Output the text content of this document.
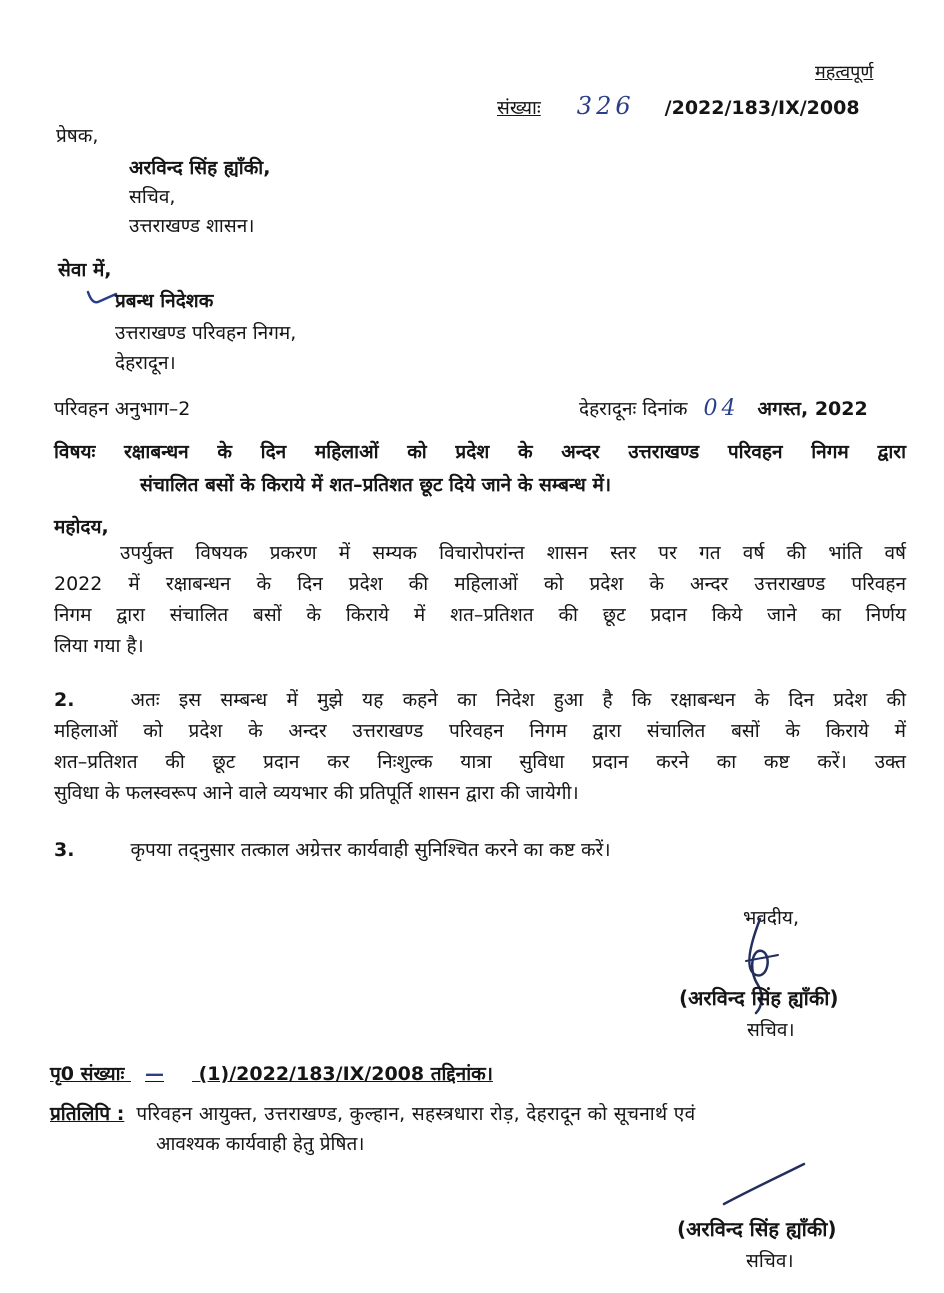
महत्वपूर्ण
संख्याः 326 /2022/183/IX/2008
प्रेषक,
अरविन्द सिंह ह्याँकी,
सचिव,
उत्तराखण्ड शासन।
सेवा में,
प्रबन्ध निदेशक
उत्तराखण्ड परिवहन निगम,
देहरादून।
परिवहन अनुभाग–2	देहरादूनः दिनांक 04 अगस्त, 2022
विषयः रक्षाबन्धन के दिन महिलाओं को प्रदेश के अन्दर उत्तराखण्ड परिवहन निगम द्वारा
संचालित बसों के किराये में शत–प्रतिशत छूट दिये जाने के सम्बन्ध में।
महोदय,
उपर्युक्त विषयक प्रकरण में सम्यक विचारोपरांन्त शासन स्तर पर गत वर्ष की भांति वर्ष
2022 में रक्षाबन्धन के दिन प्रदेश की महिलाओं को प्रदेश के अन्दर उत्तराखण्ड परिवहन
निगम द्वारा संचालित बसों के किराये में शत–प्रतिशत की छूट प्रदान किये जाने का निर्णय
लिया गया है।
2.	अतः इस सम्बन्ध में मुझे यह कहने का निदेश हुआ है कि रक्षाबन्धन के दिन प्रदेश की
महिलाओं को प्रदेश के अन्दर उत्तराखण्ड परिवहन निगम द्वारा संचालित बसों के किराये में
शत–प्रतिशत की छूट प्रदान कर निःशुल्क यात्रा सुविधा प्रदान करने का कष्ट करें। उक्त
सुविधा के फलस्वरूप आने वाले व्ययभार की प्रतिपूर्ति शासन द्वारा की जायेगी।
3.	कृपया तद्नुसार तत्काल अग्रेत्तर कार्यवाही सुनिश्चित करने का कष्ट करें।
भवदीय,
(अरविन्द सिंह ह्याँकी)
सचिव।
पृ0 संख्याः — (1)/2022/183/IX/2008 तद्दिनांक।
प्रतिलिपि : परिवहन आयुक्त, उत्तराखण्ड, कुल्हान, सहस्त्रधारा रोड़, देहरादून को सूचनार्थ एवं
आवश्यक कार्यवाही हेतु प्रेषित।
(अरविन्द सिंह ह्याँकी)
सचिव।
